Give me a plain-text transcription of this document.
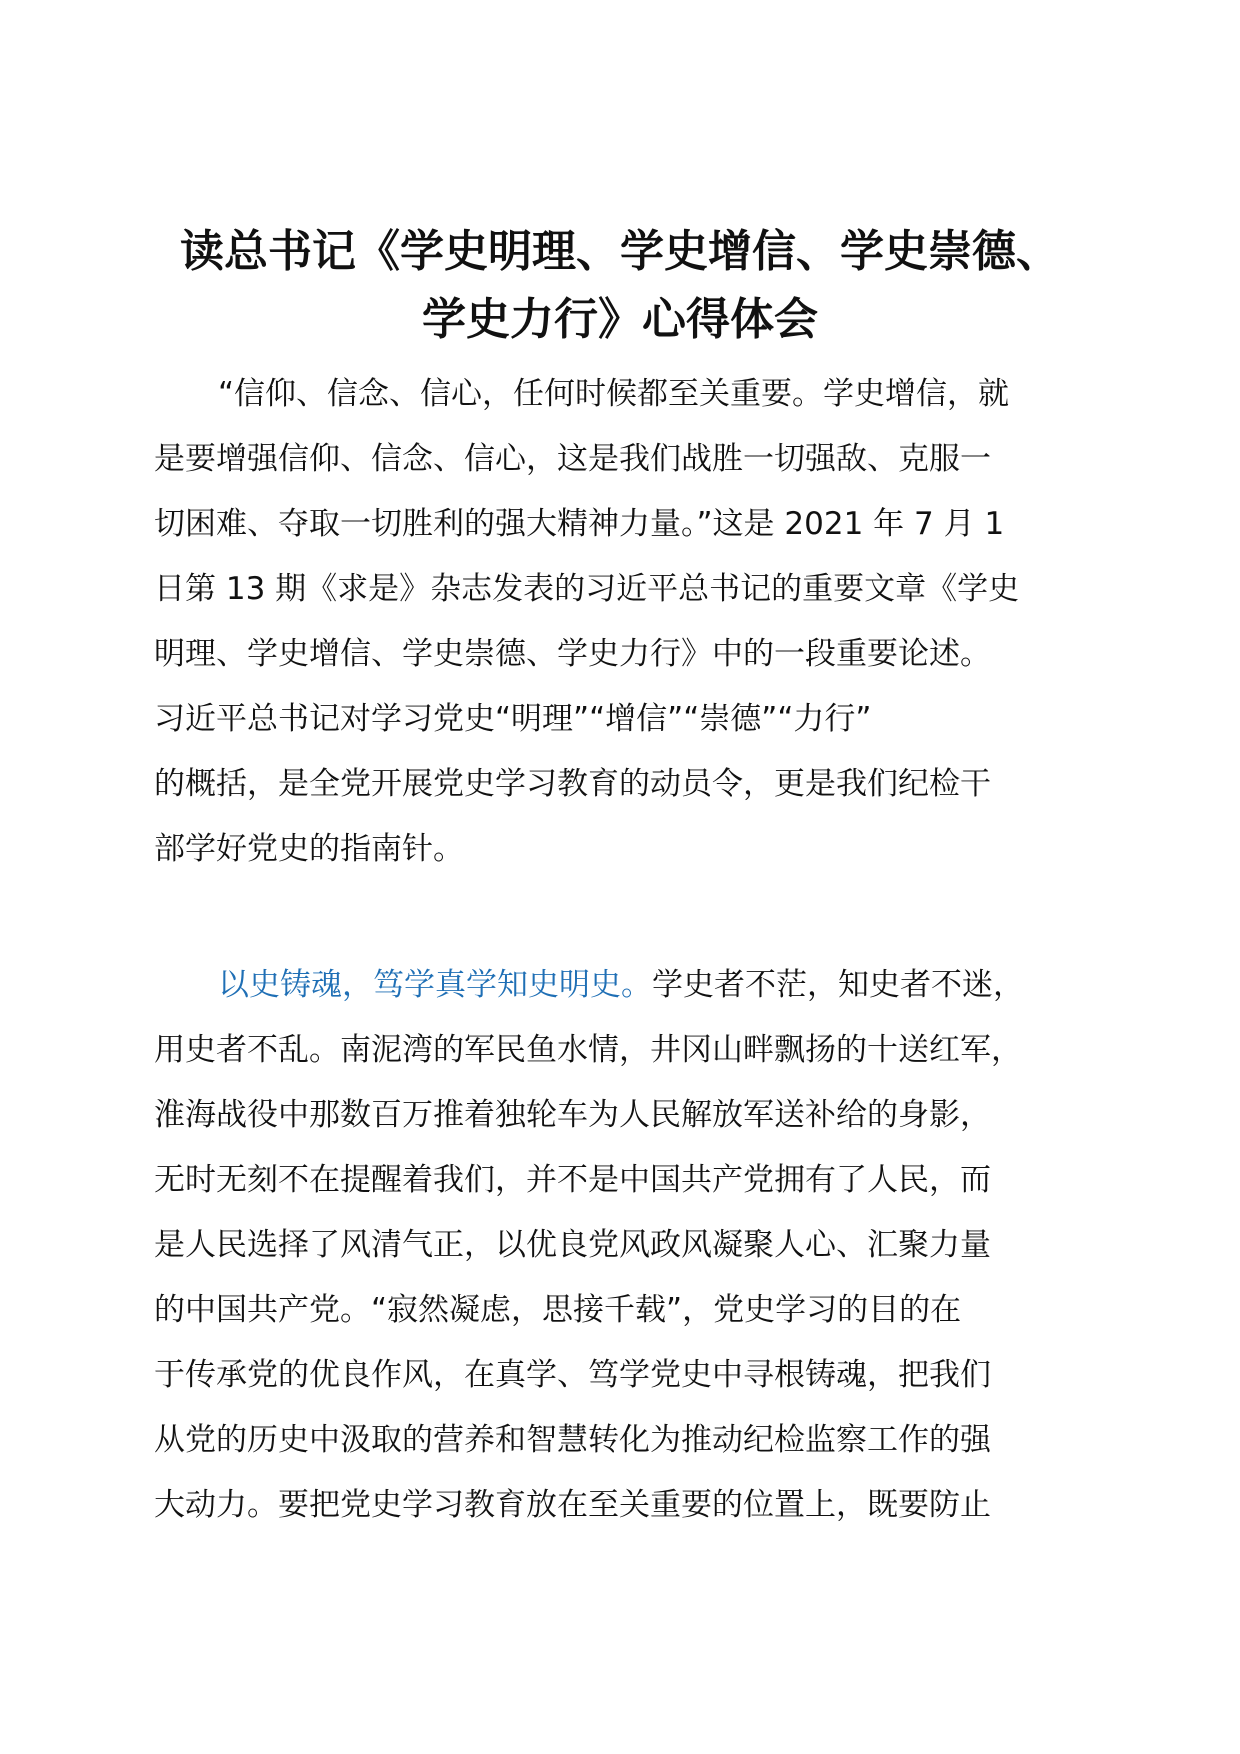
读总书记《学史明理、学史增信、学史崇德、
学史力行》心得体会
“信仰、信念、信心，任何时候都至关重要。学史增信，就
是要增强信仰、信念、信心，这是我们战胜一切强敌、克服一
切困难、夺取一切胜利的强大精神力量。”这是 2021 年 7 月 1
日第 13 期《求是》杂志发表的习近平总书记的重要文章《学史
明理、学史增信、学史崇德、学史力行》中的一段重要论述。
习近平总书记对学习党史“明理”“增信”“崇德”“力行”
的概括，是全党开展党史学习教育的动员令，更是我们纪检干
部学好党史的指南针。
以史铸魂，笃学真学知史明史。学史者不茫，知史者不迷，
用史者不乱。南泥湾的军民鱼水情，井冈山畔飘扬的十送红军，
淮海战役中那数百万推着独轮车为人民解放军送补给的身影，
无时无刻不在提醒着我们，并不是中国共产党拥有了人民，而
是人民选择了风清气正，以优良党风政风凝聚人心、汇聚力量
的中国共产党。“寂然凝虑，思接千载”，党史学习的目的在
于传承党的优良作风，在真学、笃学党史中寻根铸魂，把我们
从党的历史中汲取的营养和智慧转化为推动纪检监察工作的强
大动力。要把党史学习教育放在至关重要的位置上，既要防止
